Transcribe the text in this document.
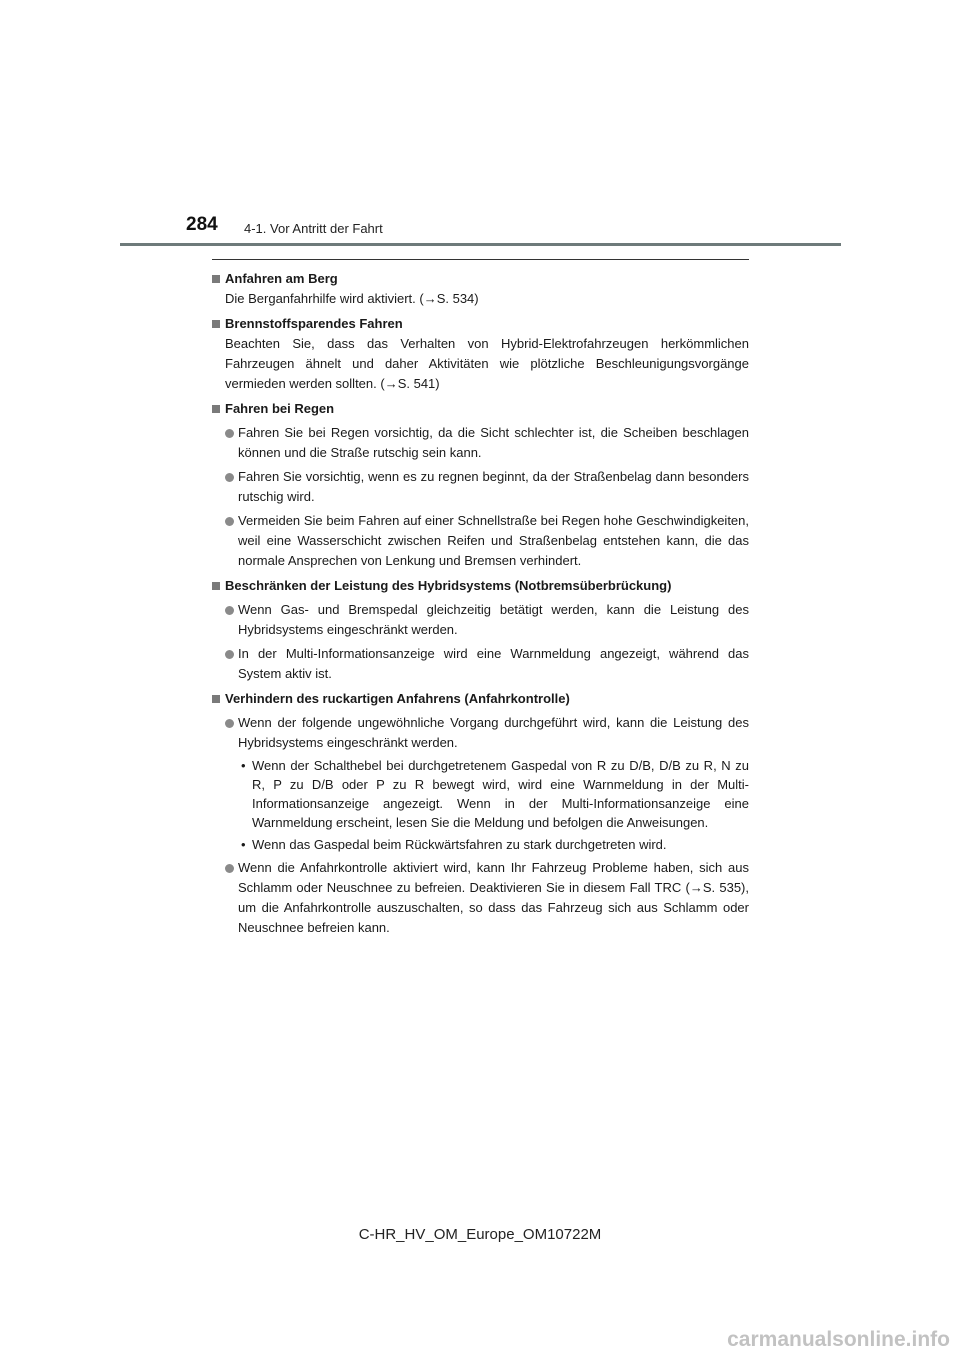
284 4-1. Vor Antritt der Fahrt
Anfahren am Berg
Die Berganfahrhilfe wird aktiviert. (→S. 534)
Brennstoffsparendes Fahren
Beachten Sie, dass das Verhalten von Hybrid-Elektrofahrzeugen herkömmlichen Fahrzeugen ähnelt und daher Aktivitäten wie plötzliche Beschleunigungsvorgänge vermieden werden sollten. (→S. 541)
Fahren bei Regen
Fahren Sie bei Regen vorsichtig, da die Sicht schlechter ist, die Scheiben beschlagen können und die Straße rutschig sein kann.
Fahren Sie vorsichtig, wenn es zu regnen beginnt, da der Straßenbelag dann besonders rutschig wird.
Vermeiden Sie beim Fahren auf einer Schnellstraße bei Regen hohe Geschwindigkeiten, weil eine Wasserschicht zwischen Reifen und Straßenbelag entstehen kann, die das normale Ansprechen von Lenkung und Bremsen verhindert.
Beschränken der Leistung des Hybridsystems (Notbremsüberbrückung)
Wenn Gas- und Bremspedal gleichzeitig betätigt werden, kann die Leistung des Hybridsystems eingeschränkt werden.
In der Multi-Informationsanzeige wird eine Warnmeldung angezeigt, während das System aktiv ist.
Verhindern des ruckartigen Anfahrens (Anfahrkontrolle)
Wenn der folgende ungewöhnliche Vorgang durchgeführt wird, kann die Leistung des Hybridsystems eingeschränkt werden.
• Wenn der Schalthebel bei durchgetretenem Gaspedal von R zu D/B, D/B zu R, N zu R, P zu D/B oder P zu R bewegt wird, wird eine Warnmeldung in der Multi-Informationsanzeige angezeigt. Wenn in der Multi-Informationsanzeige eine Warnmeldung erscheint, lesen Sie die Meldung und befolgen die Anweisungen.
• Wenn das Gaspedal beim Rückwärtsfahren zu stark durchgetreten wird.
Wenn die Anfahrkontrolle aktiviert wird, kann Ihr Fahrzeug Probleme haben, sich aus Schlamm oder Neuschnee zu befreien. Deaktivieren Sie in diesem Fall TRC (→S. 535), um die Anfahrkontrolle auszuschalten, so dass das Fahrzeug sich aus Schlamm oder Neuschnee befreien kann.
C-HR_HV_OM_Europe_OM10722M
carmanualsonline.info
